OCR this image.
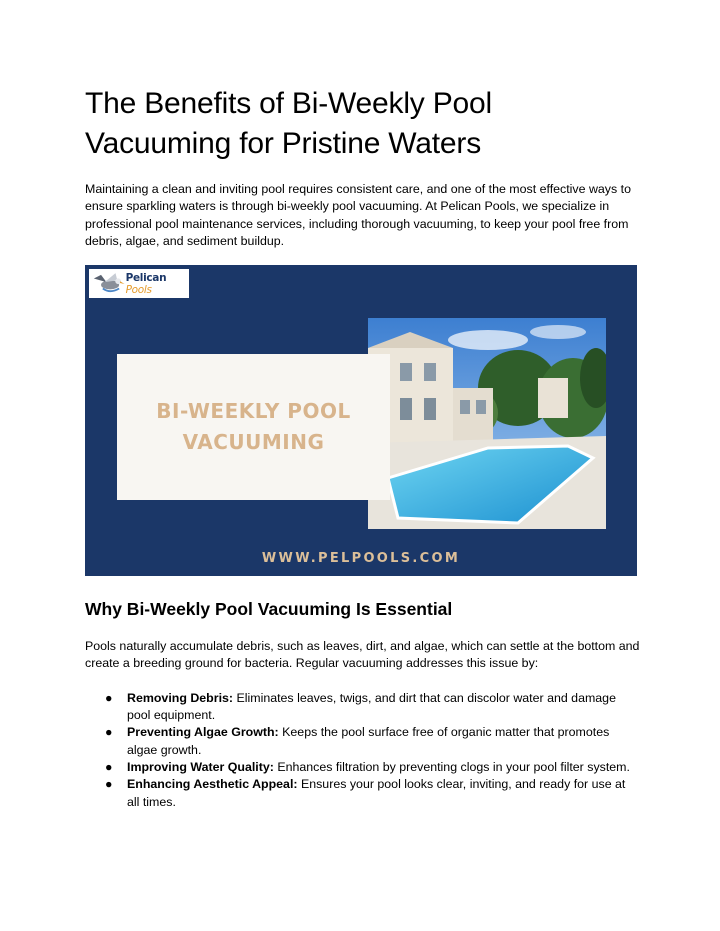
The Benefits of Bi-Weekly Pool Vacuuming for Pristine Waters

Maintaining a clean and inviting pool requires consistent care, and one of the most effective ways to ensure sparkling waters is through bi-weekly pool vacuuming. At Pelican Pools, we specialize in professional pool maintenance services, including thorough vacuuming, to keep your pool free from debris, algae, and sediment buildup.

Pelican Pools
BI-WEEKLY POOL
VACUUMING
WWW.PELPOOLS.COM
Why Bi-Weekly Pool Vacuuming Is Essential

Pools naturally accumulate debris, such as leaves, dirt, and algae, which can settle at the bottom and create a breeding ground for bacteria. Regular vacuuming addresses this issue by:

● Removing Debris: Eliminates leaves, twigs, and dirt that can discolor water and damage pool equipment.
● Preventing Algae Growth: Keeps the pool surface free of organic matter that promotes algae growth.
● Improving Water Quality: Enhances filtration by preventing clogs in your pool filter system.
● Enhancing Aesthetic Appeal: Ensures your pool looks clear, inviting, and ready for use at all times.
